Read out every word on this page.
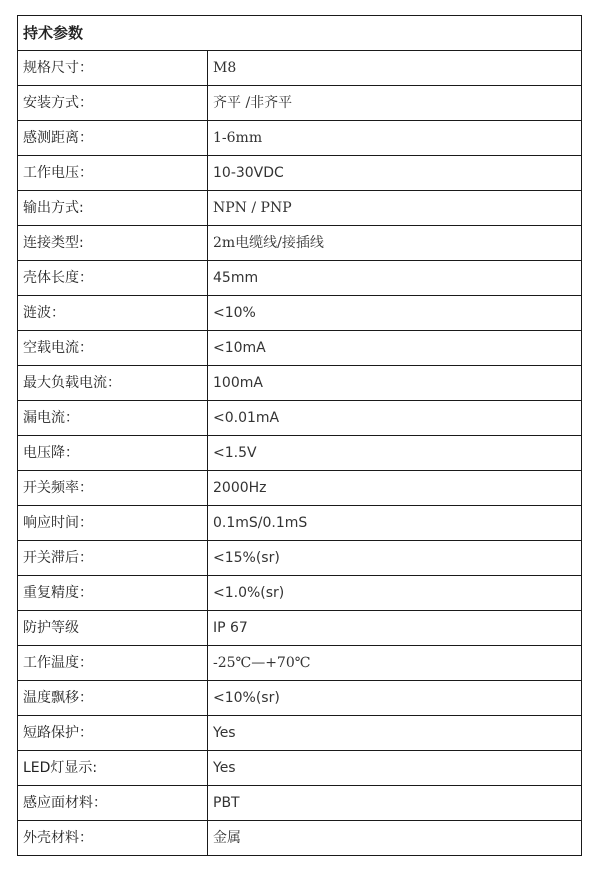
持术参数	
规格尺寸：	M8
安装方式：	齐平 /非齐平
感测距离：	1-6mm
工作电压：	10-30VDC
输出方式:	NPN / PNP
连接类型:	2m电缆线/接插线
壳体长度：	45mm
涟波：	<10%
空载电流：	<10mA
最大负载电流：	100mA
漏电流：	<0.01mA
电压降：	<1.5V
开关频率：	2000Hz
响应时间：	0.1mS/0.1mS
开关滞后：	<15%(sr)
重复精度：	<1.0%(sr)
防护等级	IP 67
工作温度：	-25℃—+70℃
温度飘移：	<10%(sr)
短路保护：	Yes
LED灯显示:	Yes
感应面材料：	PBT
外壳材料：	金属
